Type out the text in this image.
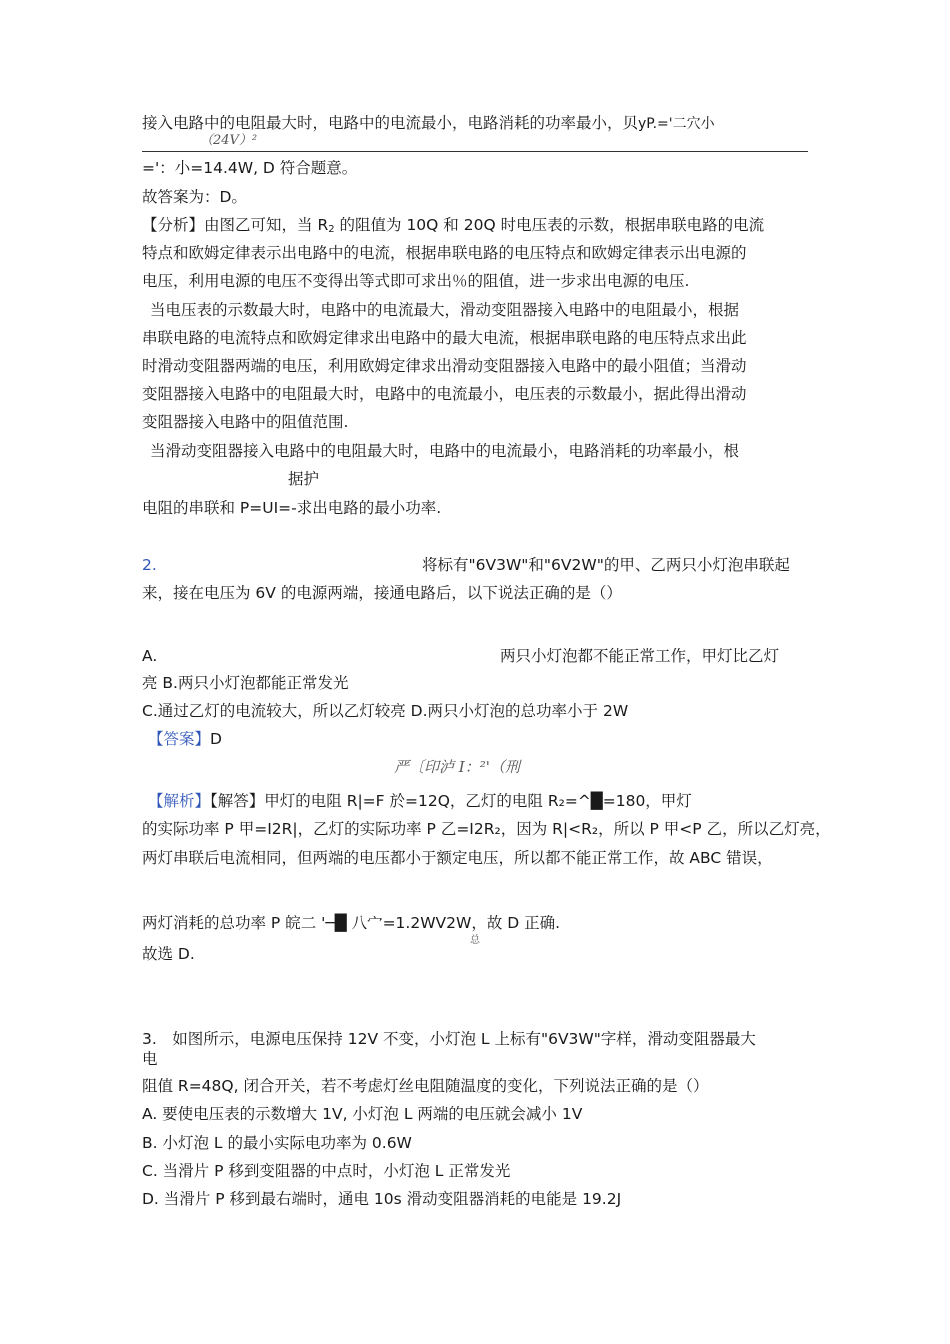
接入电路中的电阻最大时，电路中的电流最小，电路消耗的功率最小，贝yP.='二穴小
（24V）²
='：小=14.4W, D 符合题意。
故答案为：D。
【分析】由图乙可知，当 $R_2$ 的阻值为 10Q 和 20Q 时电压表的示数，根据串联电路的电流
特点和欧姆定律表示出电路中的电流，根据串联电路的电压特点和欧姆定律表示出电源的
电压，利用电源的电压不变得出等式即可求出％的阻值，进一步求出电源的电压.
当电压表的示数最大时，电路中的电流最大，滑动变阻器接入电路中的电阻最小，根据
串联电路的电流特点和欧姆定律求出电路中的最大电流，根据串联电路的电压特点求出此
时滑动变阻器两端的电压，利用欧姆定律求出滑动变阻器接入电路中的最小阻值；当滑动
变阻器接入电路中的电阻最大时，电路中的电流最小，电压表的示数最小，据此得出滑动
变阻器接入电路中的阻值范围.
当滑动变阻器接入电路中的电阻最大时，电路中的电流最小，电路消耗的功率最小，根
据护
电阻的串联和 P=UI=-求出电路的最小功率.
2.	将标有"6V3W"和"6V2W"的甲、乙两只小灯泡串联起
来，接在电压为 6V 的电源两端，接通电路后，以下说法正确的是（）
A.	两只小灯泡都不能正常工作，甲灯比乙灯
亮 B.两只小灯泡都能正常发光
C.通过乙灯的电流较大，所以乙灯较亮 D.两只小灯泡的总功率小于 2W
【答案】D
严〔印泸 I：²'（刑
【解析】【解答】甲灯的电阻 R|=F 於=12Q，乙灯的电阻 R₂=^█=180，甲灯
的实际功率 P 甲=I2R|，乙灯的实际功率 P 乙=I2R₂，因为 R|<R₂，所以 P 甲<P 乙，所以乙灯亮，
两灯串联后电流相同，但两端的电压都小于额定电压，所以都不能正常工作，故 ABC 错误，
两灯消耗的总功率 P 皖二 '─█ 八宀=1.2WV2W，故 D 正确.
总
故选 D.
3.　如图所示，电源电压保持 12V 不变，小灯泡 L 上标有"6V3W"字样，滑动变阻器最大
电
阻值 R=48Q, 闭合开关，若不考虑灯丝电阻随温度的变化，下列说法正确的是（）
A. 要使电压表的示数增大 1V, 小灯泡 L 两端的电压就会减小 1V
B. 小灯泡 L 的最小实际电功率为 0.6W
C. 当滑片 P 移到变阻器的中点时，小灯泡 L 正常发光
D. 当滑片 P 移到最右端时，通电 10s 滑动变阻器消耗的电能是 19.2J
